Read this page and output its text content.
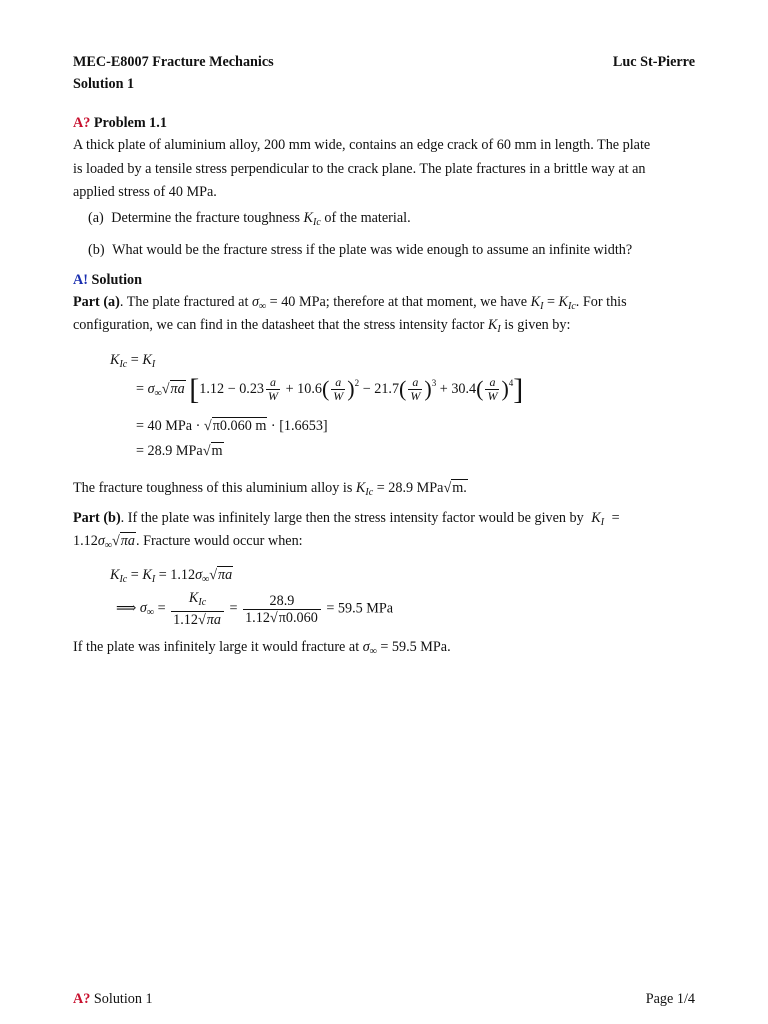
MEC-E8007 Fracture Mechanics	Luc St-Pierre
Solution 1
A? Problem 1.1
A thick plate of aluminium alloy, 200 mm wide, contains an edge crack of 60 mm in length. The plate
is loaded by a tensile stress perpendicular to the crack plane. The plate fractures in a brittle way at an
applied stress of 40 MPa.
(a) Determine the fracture toughness $K_{Ic}$ of the material.
(b) What would be the fracture stress if the plate was wide enough to assume an infinite width?
A! Solution
Part (a). The plate fractured at $\sigma_\infty = 40$ MPa; therefore at that moment, we have $K_I = K_{Ic}$. For this
configuration, we can find in the datasheet that the stress intensity factor $K_I$ is given by:
$K_{Ic} = K_I$
= $\sigma_\infty√\pi a$ $[1.12 - 0.23 \frac{a}{W} + 10.6( \frac{a}{W} )^2 - 21.7( \frac{a}{W} )^3 + 30.4( \frac{a}{W} )^4]$
= 40 MPa · √π0.060 m · [1.6653]
= 28.9 MPa√m
The fracture toughness of this aluminium alloy is $K_{Ic} = 28.9$ MPa√m.
Part (b). If the plate was infinitely large then the stress intensity factor would be given by $K_I$ =
$1.12\sigma_\infty√\pi a$. Fracture would occur when:
$K_{Ic} = K_I = 1.12\sigma_\infty√\pi a$
⟹ $\sigma_\infty = \frac{K_{Ic}}{1.12√\pi a} = \frac{28.9}{1.12√\pi 0.060} = 59.5$ MPa
If the plate was infinitely large it would fracture at $\sigma_\infty = 59.5$ MPa.
A? Solution 1	Page 1/4
